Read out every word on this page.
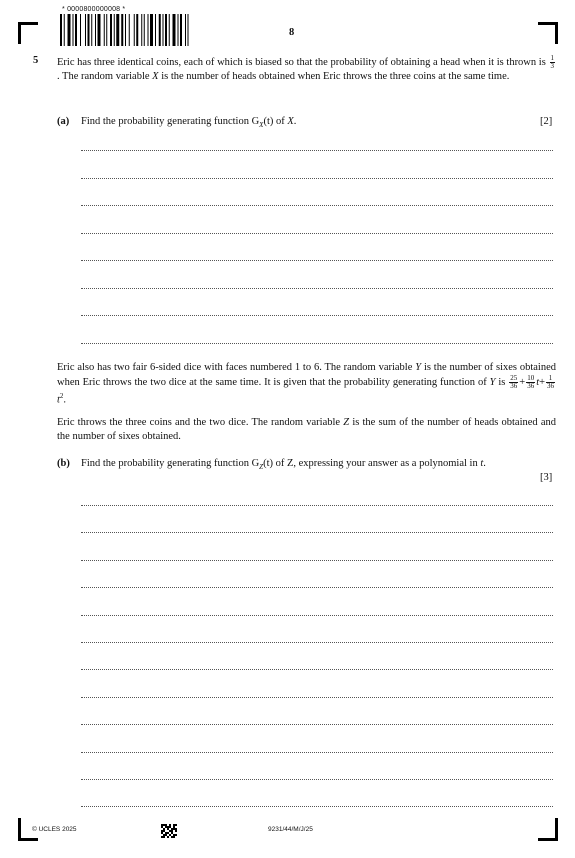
* 0000800000008 *
8
5 Eric has three identical coins, each of which is biased so that the probability of obtaining a head when it is thrown is $\frac{1}{3}$
. The random variable X is the number of heads obtained when Eric throws the three coins at the same time.
(a) Find the probability generating function $G_X(t)$ of X.	[2]
Eric also has two fair 6-sided dice with faces numbered 1 to 6. The random variable Y is the number of sixes obtained when Eric throws the two dice at the same time. It is given that the probability generating function of Y is $\frac{25}{36} + \frac{10}{36} t+ \frac{1}{36}$
$t^2$.
Eric throws the three coins and the two dice. The random variable Z is the sum of the number of heads obtained and the number of sixes obtained.
(b) Find the probability generating function $G_Z(t)$ of Z, expressing your answer as a polynomial in t.
[3]
© UCLES 2025	9231/44/M/J/25
